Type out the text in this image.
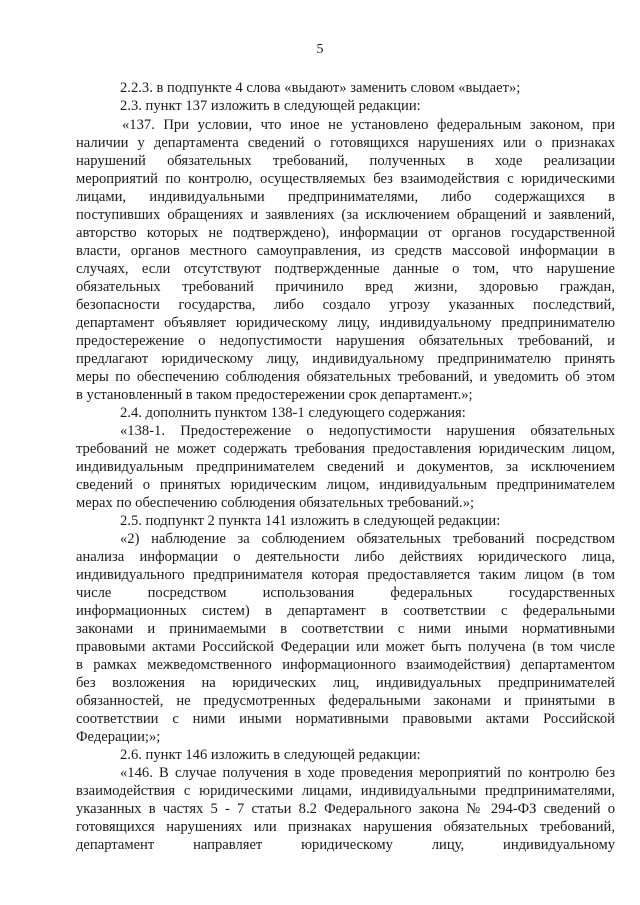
5
2.2.3. в подпункте 4 слова «выдают» заменить словом «выдает»;
2.3. пункт 137 изложить в следующей редакции:
«137. При условии, что иное не установлено федеральным законом, при
наличии у департамента сведений о готовящихся нарушениях или о признаках
нарушений обязательных требований, полученных в ходе реализации
мероприятий по контролю, осуществляемых без взаимодействия с юридическими
лицами, индивидуальными предпринимателями, либо содержащихся в
поступивших обращениях и заявлениях (за исключением обращений и заявлений,
авторство которых не подтверждено), информации от органов государственной
власти, органов местного самоуправления, из средств массовой информации в
случаях, если отсутствуют подтвержденные данные о том, что нарушение
обязательных требований причинило вред жизни, здоровью граждан,
безопасности государства, либо создало угрозу указанных последствий,
департамент объявляет юридическому лицу, индивидуальному предпринимателю
предостережение о недопустимости нарушения обязательных требований, и
предлагают юридическому лицу, индивидуальному предпринимателю принять
меры по обеспечению соблюдения обязательных требований, и уведомить об этом
в установленный в таком предостережении срок департамент.»;
2.4. дополнить пунктом 138-1 следующего содержания:
«138-1. Предостережение о недопустимости нарушения обязательных
требований не может содержать требования предоставления юридическим лицом,
индивидуальным предпринимателем сведений и документов, за исключением
сведений о принятых юридическим лицом, индивидуальным предпринимателем
мерах по обеспечению соблюдения обязательных требований.»;
2.5. подпункт 2 пункта 141 изложить в следующей редакции:
«2) наблюдение за соблюдением обязательных требований посредством
анализа информации о деятельности либо действиях юридического лица,
индивидуального предпринимателя которая предоставляется таким лицом (в том
числе посредством использования федеральных государственных
информационных систем) в департамент в соответствии с федеральными
законами и принимаемыми в соответствии с ними иными нормативными
правовыми актами Российской Федерации или может быть получена (в том числе
в рамках межведомственного информационного взаимодействия) департаментом
без возложения на юридических лиц, индивидуальных предпринимателей
обязанностей, не предусмотренных федеральными законами и принятыми в
соответствии с ними иными нормативными правовыми актами Российской
Федерации;»;
2.6. пункт 146 изложить в следующей редакции:
«146. В случае получения в ходе проведения мероприятий по контролю без
взаимодействия с юридическими лицами, индивидуальными предпринимателями,
указанных в частях 5 - 7 статьи 8.2 Федерального закона № 294-ФЗ сведений о
готовящихся нарушениях или признаках нарушения обязательных требований,
департамент направляет юридическому лицу, индивидуальному
